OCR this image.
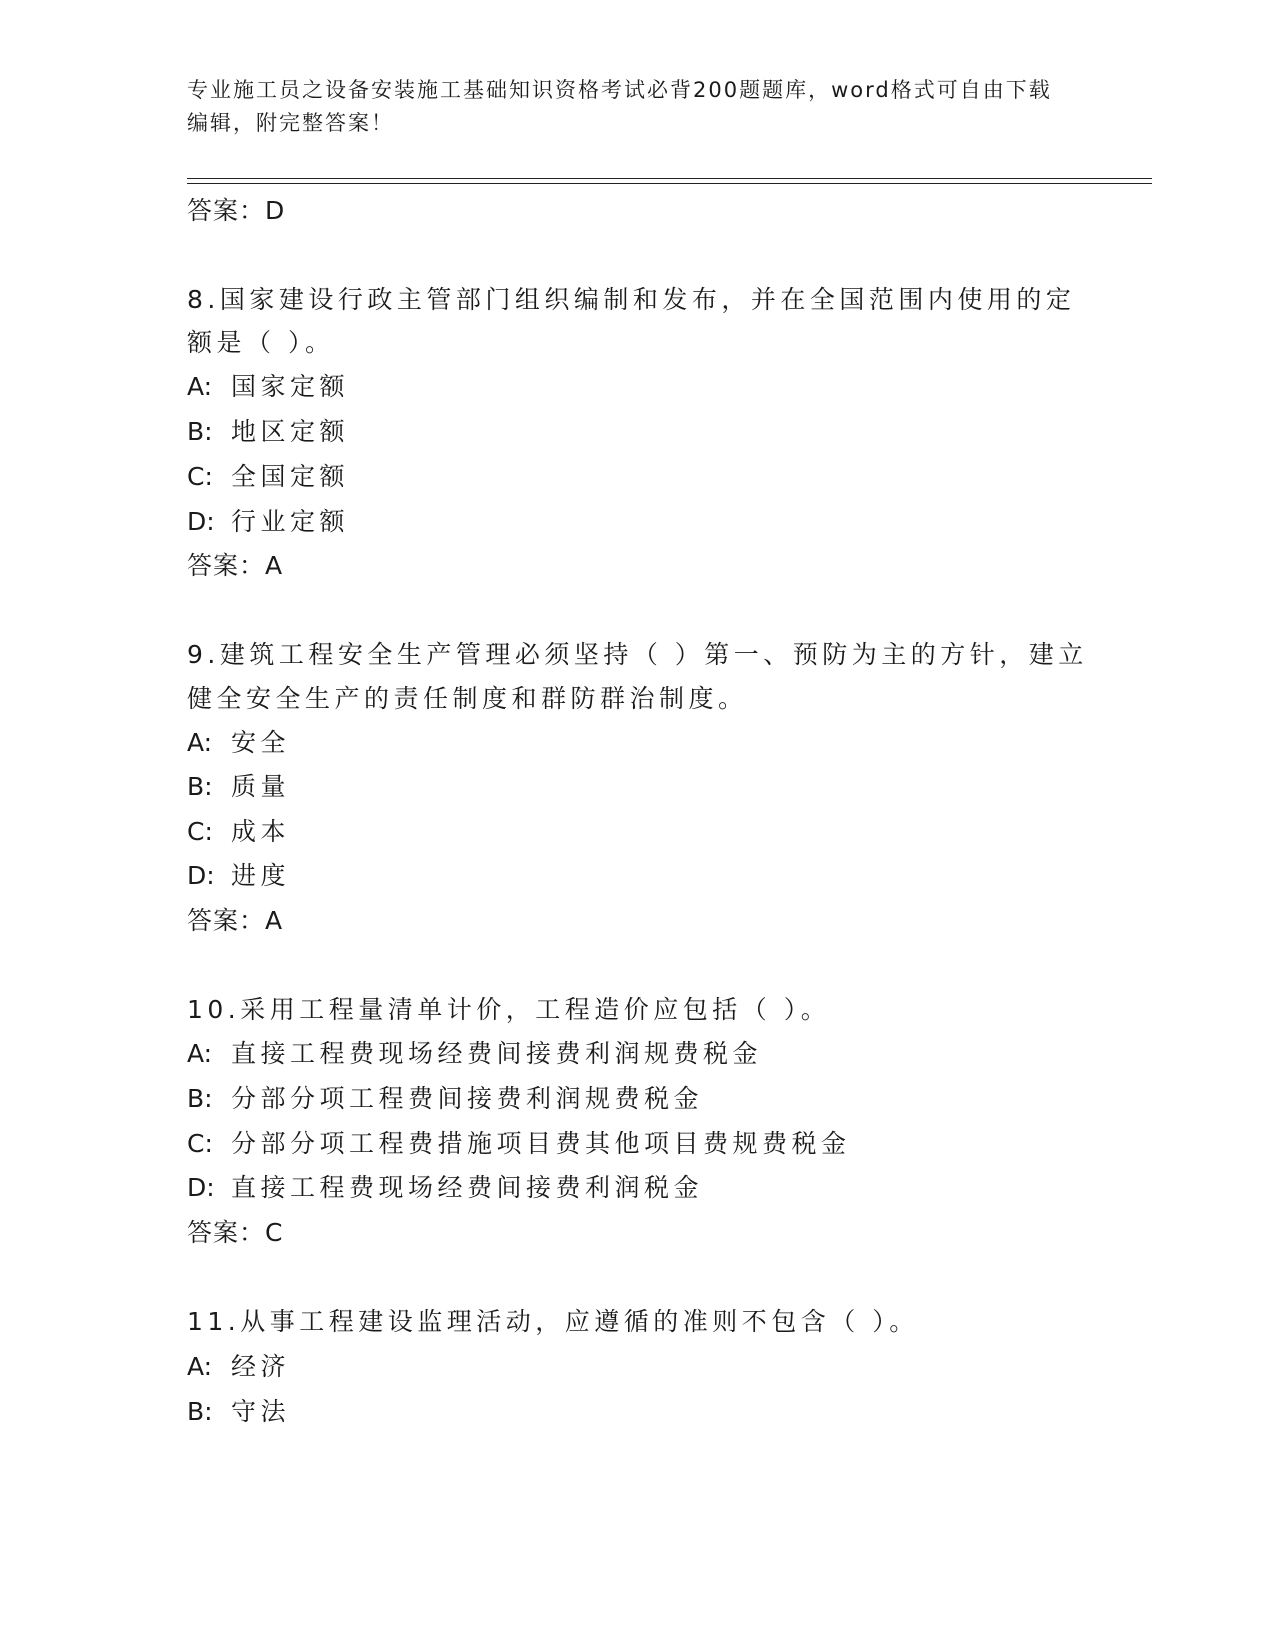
专业施工员之设备安装施工基础知识资格考试必背200题题库，word格式可自由下载编辑，附完整答案！
答案：D
8.国家建设行政主管部门组织编制和发布，并在全国范围内使用的定
额是（ ）。
A: 国家定额
B: 地区定额
C: 全国定额
D: 行业定额
答案：A
9.建筑工程安全生产管理必须坚持（ ）第一、预防为主的方针，建立
健全安全生产的责任制度和群防群治制度。
A: 安全
B: 质量
C: 成本
D: 进度
答案：A
10.采用工程量清单计价，工程造价应包括（ ）。
A: 直接工程费现场经费间接费利润规费税金
B: 分部分项工程费间接费利润规费税金
C: 分部分项工程费措施项目费其他项目费规费税金
D: 直接工程费现场经费间接费利润税金
答案：C
11.从事工程建设监理活动，应遵循的准则不包含（ ）。
A: 经济
B: 守法
